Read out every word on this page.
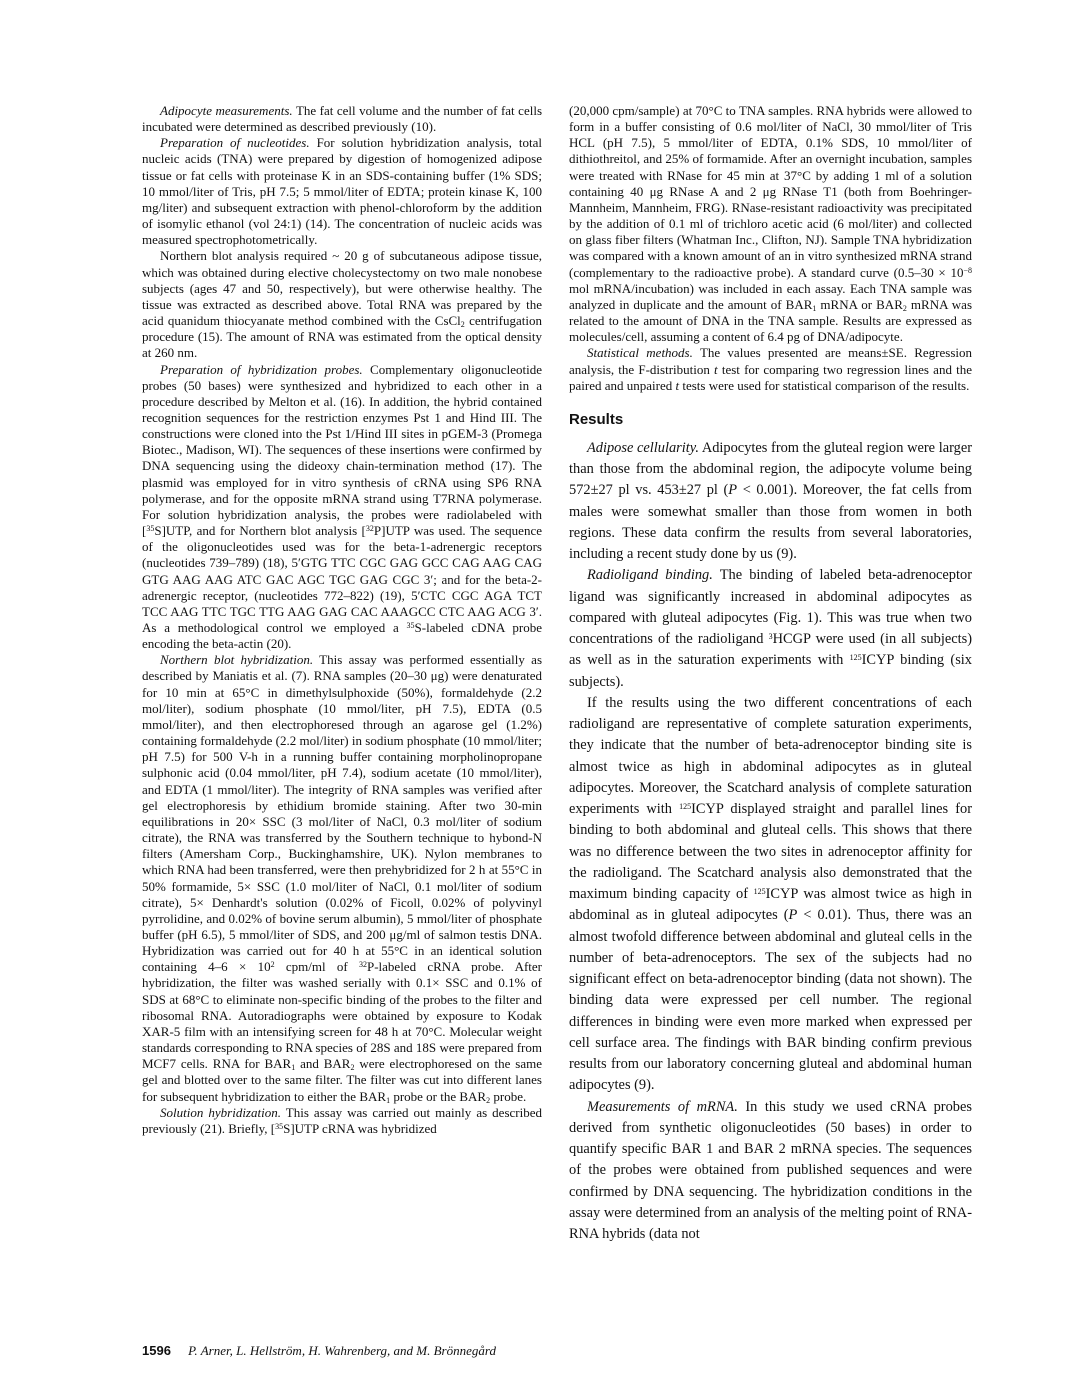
Adipocyte measurements. The fat cell volume and the number of fat cells incubated were determined as described previously (10).

Preparation of nucleotides. For solution hybridization analysis, total nucleic acids (TNA) were prepared by digestion of homogenized adipose tissue or fat cells with proteinase K in an SDS-containing buffer (1% SDS; 10 mmol/liter of Tris, pH 7.5; 5 mmol/liter of EDTA; protein kinase K, 100 mg/liter) and subsequent extraction with phenol-chloroform by the addition of isomylic ethanol (vol 24:1) (14). The concentration of nucleic acids was measured spectrophotometrically.

Northern blot analysis required ~ 20 g of subcutaneous adipose tissue, which was obtained during elective cholecystectomy on two male nonobese subjects (ages 47 and 50, respectively), but were otherwise healthy. The tissue was extracted as described above. Total RNA was prepared by the acid quanidum thiocyanate method combined with the CsCl$_2$ centrifugation procedure (15). The amount of RNA was estimated from the optical density at 260 nm.

Preparation of hybridization probes. Complementary oligonucleotide probes (50 bases) were synthesized and hybridized to each other in a procedure described by Melton et al. (16). In addition, the hybrid contained recognition sequences for the restriction enzymes Pst 1 and Hind III. The constructions were cloned into the Pst 1/Hind III sites in pGEM-3 (Promega Biotec., Madison, WI). The sequences of these insertions were confirmed by DNA sequencing using the dideoxy chain-termination method (17). The plasmid was employed for in vitro synthesis of cRNA using SP6 RNA polymerase, and for the opposite mRNA strand using T7RNA polymerase. For solution hybridization analysis, the probes were radiolabeled with [$^{35}$S]UTP, and for Northern blot analysis [$^{32}$P]UTP was used. The sequence of the oligonucleotides used was for the beta-1-adrenergic receptors (nucleotides 739–789) (18), 5′GTG TTC CGC GAG GCC CAG AAG CAG GTG AAG AAG ATC GAC AGC TGC GAG CGC 3′; and for the beta-2-adrenergic receptor, (nucleotides 772–822) (19), 5′CTC CGC AGA TCT TCC AAG TTC TGC TTG AAG GAG CAC AAAGCC CTC AAG ACG 3′. As a methodological control we employed a $^{35}$S-labeled cDNA probe encoding the beta-actin (20).

Northern blot hybridization. This assay was performed essentially as described by Maniatis et al. (7). RNA samples (20–30 μg) were denaturated for 10 min at 65°C in dimethylsulphoxide (50%), formaldehyde (2.2 mol/liter), sodium phosphate (10 mmol/liter, pH 7.5), EDTA (0.5 mmol/liter), and then electrophoresed through an agarose gel (1.2%) containing formaldehyde (2.2 mol/liter) in sodium phosphate (10 mmol/liter; pH 7.5) for 500 V-h in a running buffer containing morpholinopropane sulphonic acid (0.04 mmol/liter, pH 7.4), sodium acetate (10 mmol/liter), and EDTA (1 mmol/liter). The integrity of RNA samples was verified after gel electrophoresis by ethidium bromide staining. After two 30-min equilibrations in 20× SSC (3 mol/liter of NaCl, 0.3 mol/liter of sodium citrate), the RNA was transferred by the Southern technique to hybond-N filters (Amersham Corp., Buckinghamshire, UK). Nylon membranes to which RNA had been transferred, were then prehybridized for 2 h at 55°C in 50% formamide, 5× SSC (1.0 mol/liter of NaCl, 0.1 mol/liter of sodium citrate), 5× Denhardt's solution (0.02% of Ficoll, 0.02% of polyvinyl pyrrolidine, and 0.02% of bovine serum albumin), 5 mmol/liter of phosphate buffer (pH 6.5), 5 mmol/liter of SDS, and 200 μg/ml of salmon testis DNA. Hybridization was carried out for 40 h at 55°C in an identical solution containing $4-6 \times 10^2$ cpm/ml of $^{32}$P-labeled cRNA probe. After hybridization, the filter was washed serially with 0.1× SSC and 0.1% of SDS at 68°C to eliminate non-specific binding of the probes to the filter and ribosomal RNA. Autoradiographs were obtained by exposure to Kodak XAR-5 film with an intensifying screen for 48 h at 70°C. Molecular weight standards corresponding to RNA species of 28S and 18S were prepared from MCF7 cells. RNA for $BAR_1$ and $BAR_2$ were electrophoresed on the same gel and blotted over to the same filter. The filter was cut into different lanes for subsequent hybridization to either the $BAR_1$ probe or the $BAR_2$ probe.

Solution hybridization. This assay was carried out mainly as described previously (21). Briefly, [$^{35}$S]UTP cRNA was hybridized

(20,000 cpm/sample) at 70°C to TNA samples. RNA hybrids were allowed to form in a buffer consisting of 0.6 mol/liter of NaCl, 30 mmol/liter of Tris HCL (pH 7.5), 5 mmol/liter of EDTA, 0.1% SDS, 10 mmol/liter of dithiothreitol, and 25% of formamide. After an overnight incubation, samples were treated with RNase for 45 min at 37°C by adding 1 ml of a solution containing 40 μg RNase A and 2 μg RNase T1 (both from Boehringer-Mannheim, Mannheim, FRG). RNase-resistant radioactivity was precipitated by the addition of 0.1 ml of trichloro acetic acid (6 mol/liter) and collected on glass fiber filters (Whatman Inc., Clifton, NJ). Sample TNA hybridization was compared with a known amount of an in vitro synthesized mRNA strand (complementary to the radioactive probe). A standard curve ($0.5-30 \times 10^{-8}$ mol mRNA/incubation) was included in each assay. Each TNA sample was analyzed in duplicate and the amount of $BAR_1$ mRNA or $BAR_2$ mRNA was related to the amount of DNA in the TNA sample. Results are expressed as molecules/cell, assuming a content of 6.4 pg of DNA/adipocyte.

Statistical methods. The values presented are means±SE. Regression analysis, the F-distribution t test for comparing two regression lines and the paired and unpaired t tests were used for statistical comparison of the results.

Results

Adipose cellularity. Adipocytes from the gluteal region were larger than those from the abdominal region, the adipocyte volume being 572±27 pl vs. 453±27 pl (P < 0.001). Moreover, the fat cells from males were somewhat smaller than those from women in both regions. These data confirm the results from several laboratories, including a recent study done by us (9).

Radioligand binding. The binding of labeled beta-adrenoceptor ligand was significantly increased in abdominal adipocytes as compared with gluteal adipocytes (Fig. 1). This was true when two concentrations of the radioligand $^3$HCGP were used (in all subjects) as well as in the saturation experiments with $^{125}$ICYP binding (six subjects).

If the results using the two different concentrations of each radioligand are representative of complete saturation experiments, they indicate that the number of beta-adrenoceptor binding site is almost twice as high in abdominal adipocytes as in gluteal adipocytes. Moreover, the Scatchard analysis of complete saturation experiments with $^{125}$ICYP displayed straight and parallel lines for binding to both abdominal and gluteal cells. This shows that there was no difference between the two sites in adrenoceptor affinity for the radioligand. The Scatchard analysis also demonstrated that the maximum binding capacity of $^{125}$ICYP was almost twice as high in abdominal as in gluteal adipocytes (P < 0.01). Thus, there was an almost twofold difference between abdominal and gluteal cells in the number of beta-adrenoceptors. The sex of the subjects had no significant effect on beta-adrenoceptor binding (data not shown). The binding data were expressed per cell number. The regional differences in binding were even more marked when expressed per cell surface area. The findings with BAR binding confirm previous results from our laboratory concerning gluteal and abdominal human adipocytes (9).

Measurements of mRNA. In this study we used cRNA probes derived from synthetic oligonucleotides (50 bases) in order to quantify specific BAR 1 and BAR 2 mRNA species. The sequences of the probes were obtained from published sequences and were confirmed by DNA sequencing. The hybridization conditions in the assay were determined from an analysis of the melting point of RNA-RNA hybrids (data not

1596 P. Arner, L. Hellström, H. Wahrenberg, and M. Brönnegård
